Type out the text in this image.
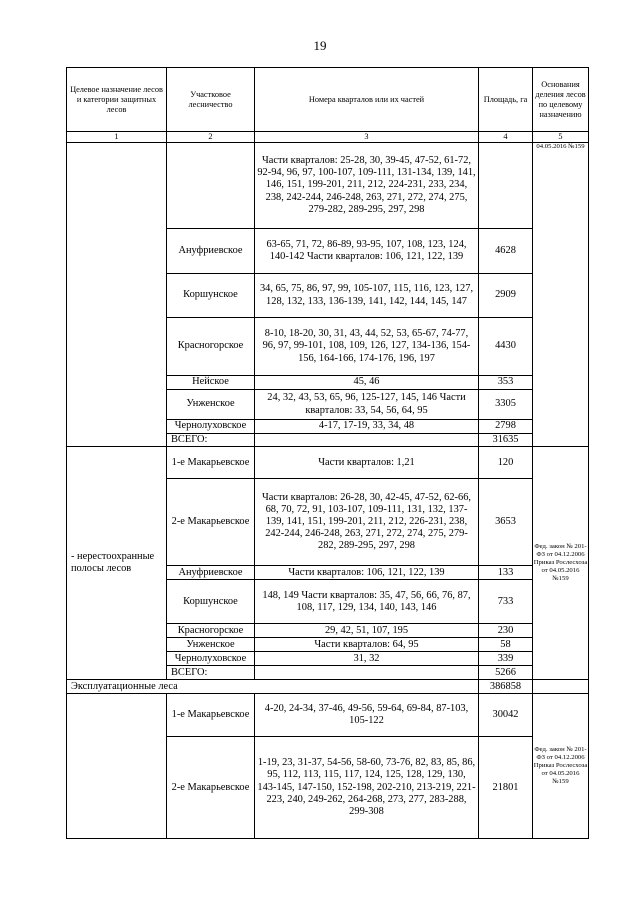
19
Целевое назначение лесов и категории защитных лесов	Участковое лесничество	Номера кварталов или их частей	Площадь, га	Основания деления лесов по целевому назначению
1	2	3	4	5
		Части кварталов: 25-28, 30, 39-45, 47-52, 61-72, 92-94, 96, 97, 100-107, 109-111, 131-134, 139, 141, 146, 151, 199-201, 211, 212, 224-231, 233, 234, 238, 242-244, 246-248, 263, 271, 272, 274, 275, 279-282, 289-295, 297, 298		04.05.2016 №159
	Ануфриевское	63-65, 71, 72, 86-89, 93-95, 107, 108, 123, 124, 140-142 Части кварталов: 106, 121, 122, 139	4628	
	Коршунское	34, 65, 75, 86, 97, 99, 105-107, 115, 116, 123, 127, 128, 132, 133, 136-139, 141, 142, 144, 145, 147	2909	
	Красногорское	8-10, 18-20, 30, 31, 43, 44, 52, 53, 65-67, 74-77, 96, 97, 99-101, 108, 109, 126, 127, 134-136, 154-156, 164-166, 174-176, 196, 197	4430	
	Нейское	45, 46	353	
	Унженское	24, 32, 43, 53, 65, 96, 125-127, 145, 146 Части кварталов: 33, 54, 56, 64, 95	3305	
	Чернолуховское	4-17, 17-19, 33, 34, 48	2798	
	ВСЕГО:		31635	
- нерестоохранные полосы лесов	1-е Макарьевское	Части кварталов: 1,21	120	Фед. закон № 201-ФЗ от 04.12.2006 Приказ Рослесхоза от 04.05.2016 №159
	2-е Макарьевское	Части кварталов: 26-28, 30, 42-45, 47-52, 62-66, 68, 70, 72, 91, 103-107, 109-111, 131, 132, 137-139, 141, 151, 199-201, 211, 212, 226-231, 238, 242-244, 246-248, 263, 271, 272, 274, 275, 279-282, 289-295, 297, 298	3653	
	Ануфриевское	Части кварталов: 106, 121, 122, 139	133	
	Коршунское	148, 149 Части кварталов: 35, 47, 56, 66, 76, 87, 108, 117, 129, 134, 140, 143, 146	733	
	Красногорское	29, 42, 51, 107, 195	230	
	Унженское	Части кварталов: 64, 95	58	
	Чернолуховское	31, 32	339	
	ВСЕГО:		5266	
Эксплуатационные леса			386858	
	1-е Макарьевское	4-20, 24-34, 37-46, 49-56, 59-64, 69-84, 87-103, 105-122	30042	Фед. закон № 201-ФЗ от 04.12.2006 Приказ Рослесхоза от 04.05.2016 №159
	2-е Макарьевское	1-19, 23, 31-37, 54-56, 58-60, 73-76, 82, 83, 85, 86, 95, 112, 113, 115, 117, 124, 125, 128, 129, 130, 143-145, 147-150, 152-198, 202-210, 213-219, 221-223, 240, 249-262, 264-268, 273, 277, 283-288, 299-308	21801	
